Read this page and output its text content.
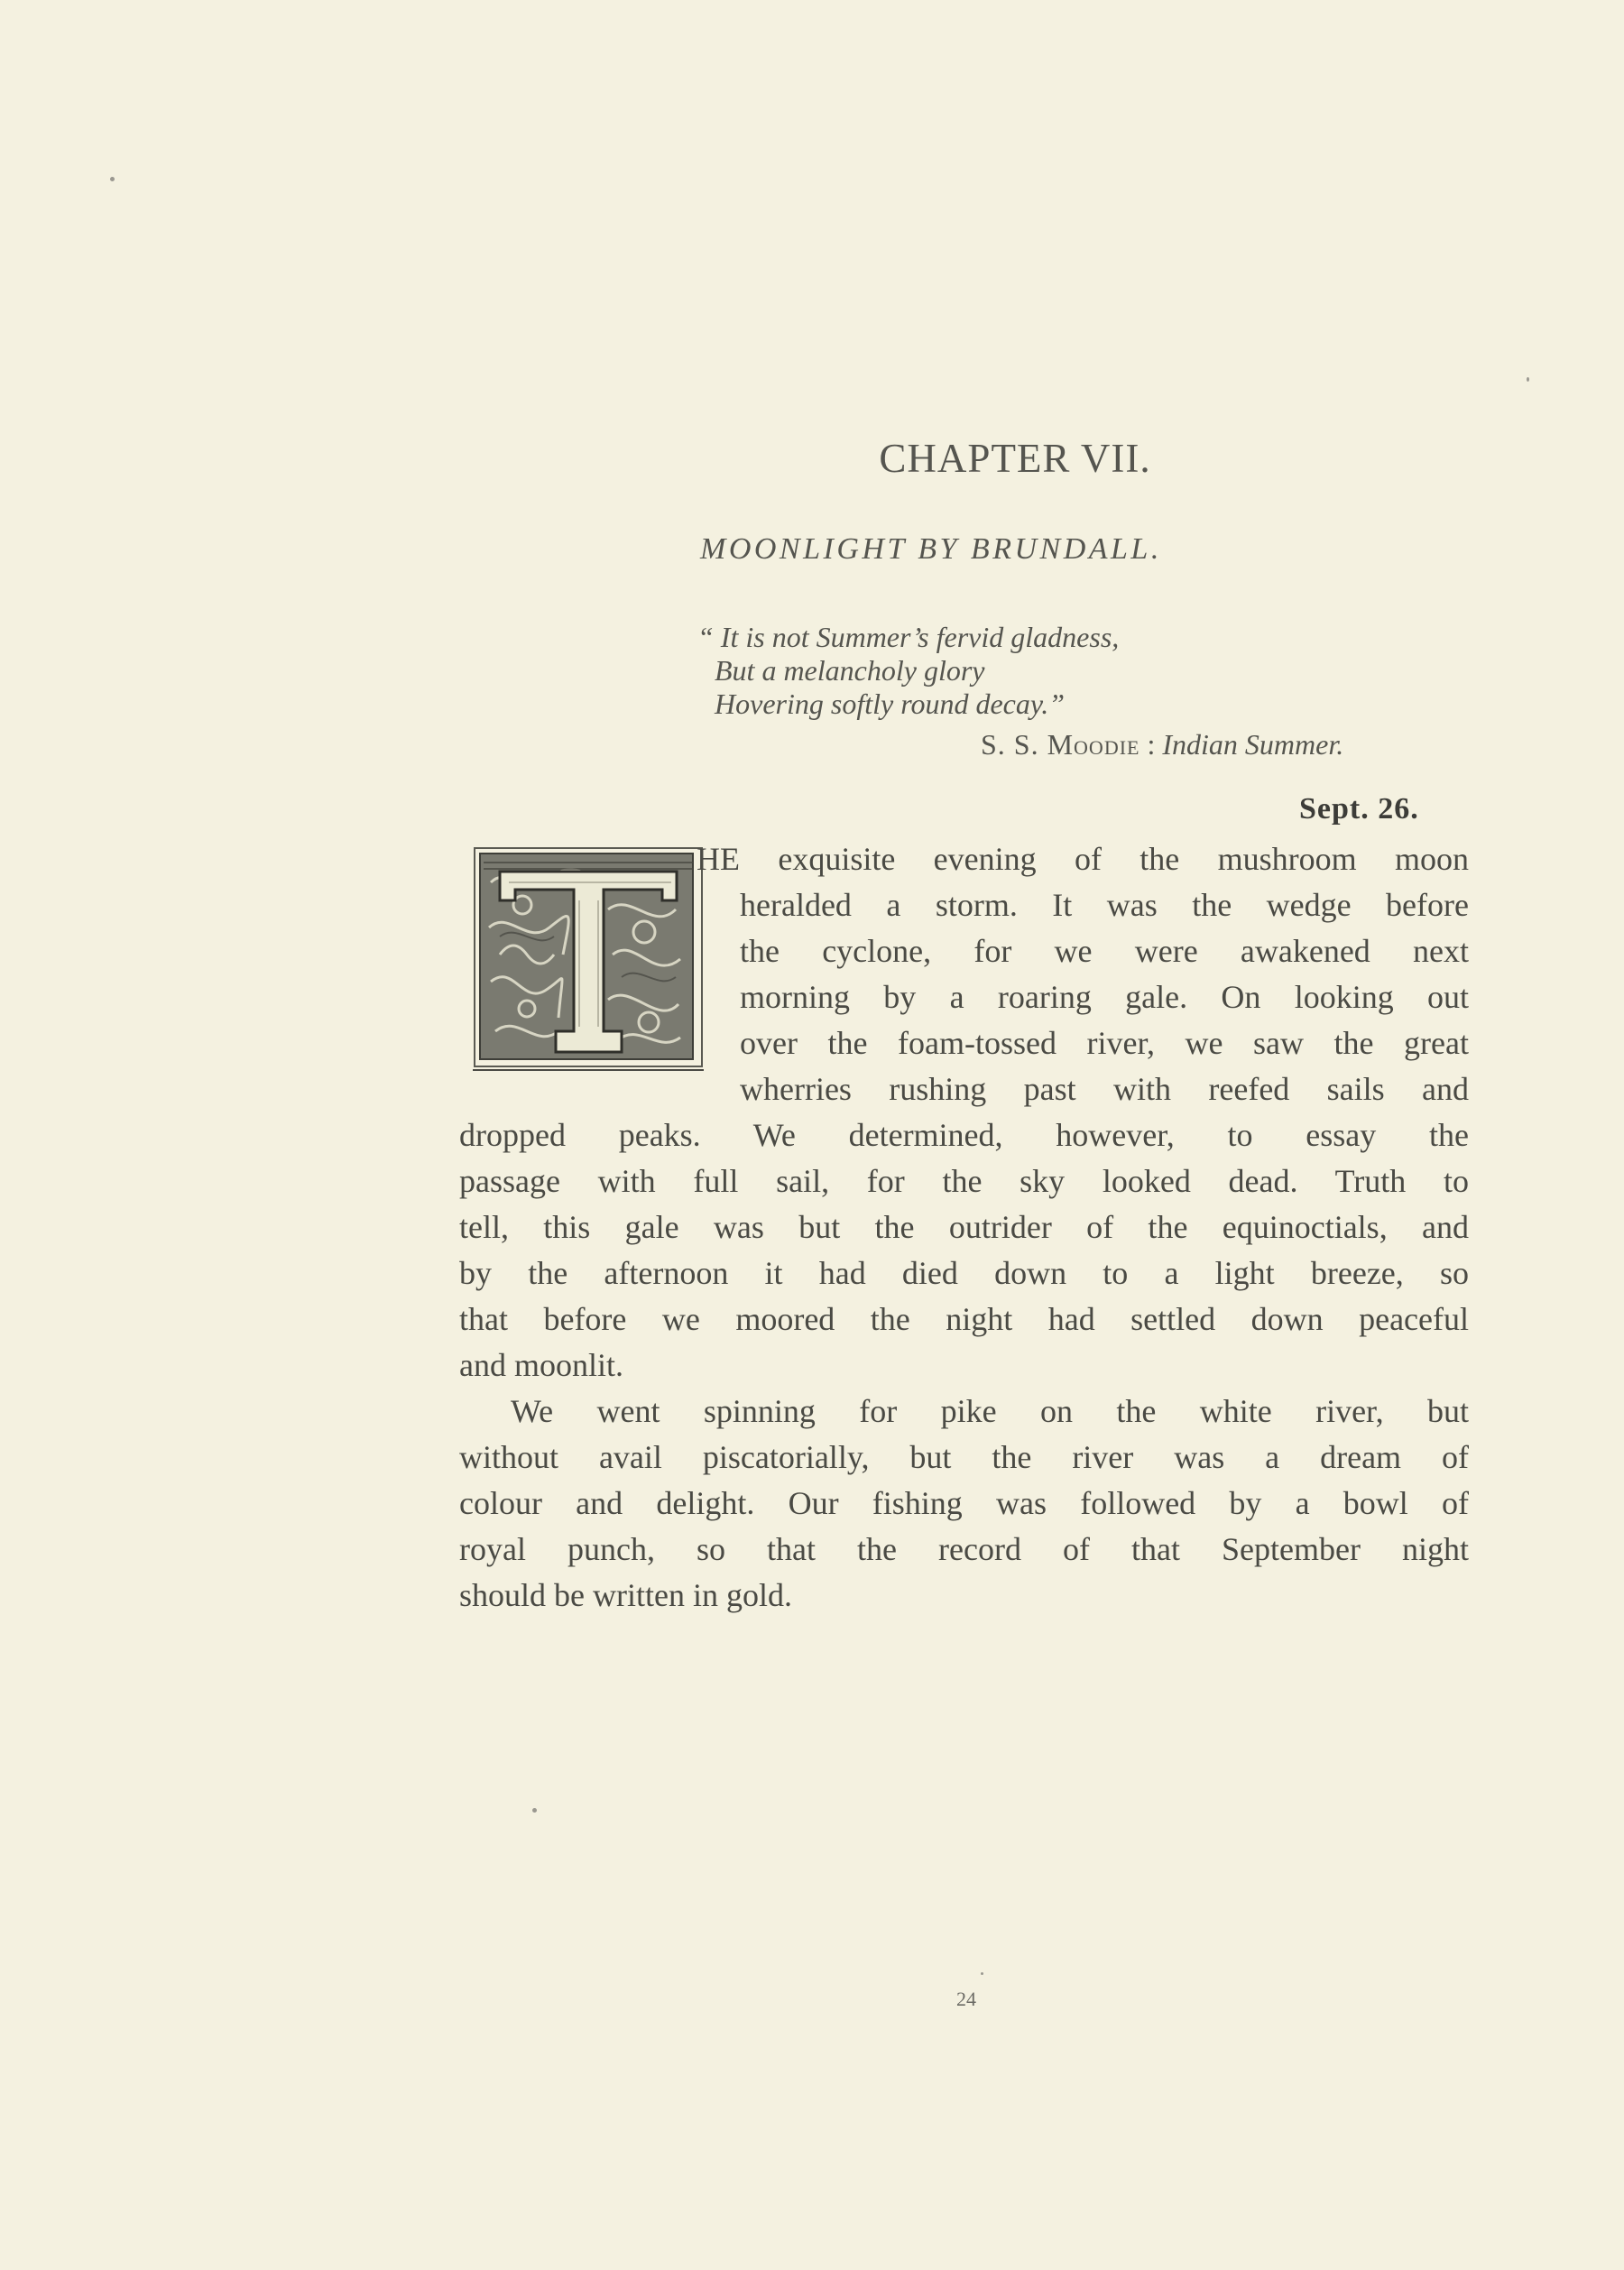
CHAPTER VII.
MOONLIGHT BY BRUNDALL.
“ It is not Summer’s fervid gladness,
But a melancholy glory
Hovering softly round decay.”
S. S. Moodie : Indian Summer.
Sept. 26.
HE exquisite evening of the mushroom moon
heralded a storm. It was the wedge before
the cyclone, for we were awakened next
morning by a roaring gale. On looking out
over the foam-tossed river, we saw the great
wherries rushing past with reefed sails and
dropped peaks. We determined, however, to essay the
passage with full sail, for the sky looked dead. Truth to
tell, this gale was but the outrider of the equinoctials, and
by the afternoon it had died down to a light breeze, so
that before we moored the night had settled down peaceful
and moonlit.
We went spinning for pike on the white river, but
without avail piscatorially, but the river was a dream of
colour and delight. Our fishing was followed by a bowl of
royal punch, so that the record of that September night
should be written in gold.
24
